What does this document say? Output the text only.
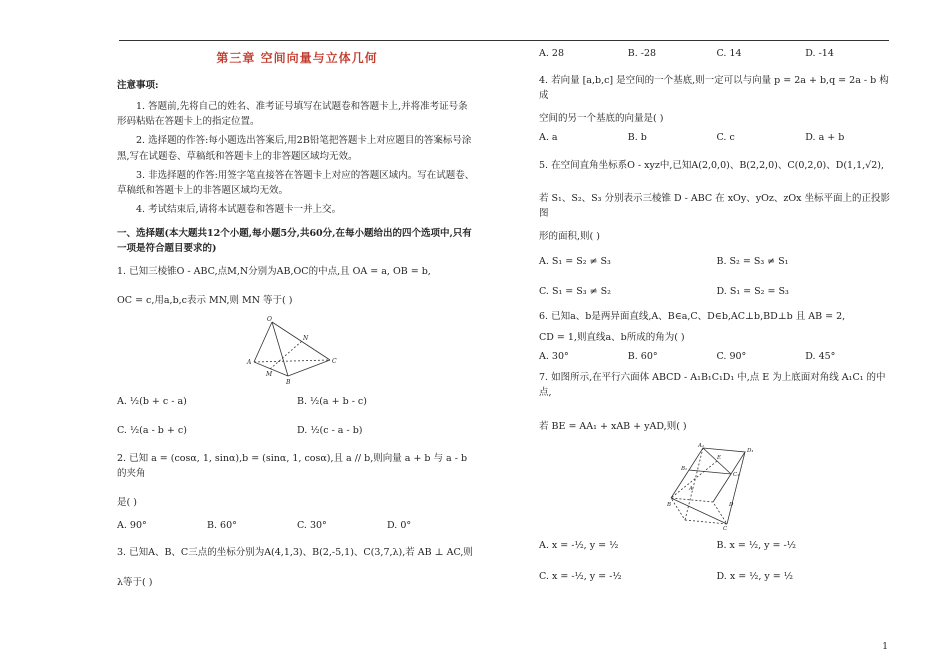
第三章 空间向量与立体几何
注意事项:
1. 答题前,先将自己的姓名、准考证号填写在试题卷和答题卡上,并将准考证号条形码粘贴在答题卡上的指定位置。
2. 选择题的作答:每小题选出答案后,用2B铅笔把答题卡上对应题目的答案标号涂黑,写在试题卷、草稿纸和答题卡上的非答题区域均无效。
3. 非选择题的作答:用签字笔直接答在答题卡上对应的答题区域内。写在试题卷、草稿纸和答题卡上的非答题区域均无效。
4. 考试结束后,请将本试题卷和答题卡一并上交。
一、选择题(本大题共12个小题,每小题5分,共60分,在每小题给出的四个选项中,只有一项是符合题目要求的)
1. 已知三棱锥O - ABC,点M,N分别为AB,OC的中点,且 OA = a, OB = b,
OC = c,用a,b,c表示 MN,则 MN 等于( )
O
N
A
M
B
C
A. ½(b + c - a)	B. ½(a + b - c)
C. ½(a - b + c)	D. ½(c - a - b)
2. 已知 a = (cosα, 1, sinα),b = (sinα, 1, cosα),且 a // b,则向量 a + b 与 a - b 的夹角
是( )
A. 90°	B. 60°	C. 30°	D. 0°
3. 已知A、B、C三点的坐标分别为A(4,1,3)、B(2,-5,1)、C(3,7,λ),若 AB ⊥ AC,则
λ等于( )
A. 28	B. -28	C. 14	D. -14
4. 若向量 [a,b,c] 是空间的一个基底,则一定可以与向量 p = 2a + b,q = 2a - b 构成
空间的另一个基底的向量是( )
A. a	B. b	C. c	D. a + b
5. 在空间直角坐标系O - xyz中,已知A(2,0,0)、B(2,2,0)、C(0,2,0)、D(1,1,√2),
若 S₁、S₂、S₃ 分别表示三棱锥 D - ABC 在 xOy、yOz、zOx 坐标平面上的正投影图
形的面积,则( )
A. S₁ = S₂ ≠ S₃	B. S₂ = S₃ ≠ S₁
C. S₁ = S₃ ≠ S₂	D. S₁ = S₂ = S₃
6. 已知a、b是两异面直线,A、B∈a,C、D∈b,AC⊥b,BD⊥b 且 AB = 2,
CD = 1,则直线a、b所成的角为( )
A. 30°	B. 60°	C. 90°	D. 45°
7. 如图所示,在平行六面体 ABCD - A₁B₁C₁D₁ 中,点 E 为上底面对角线 A₁C₁ 的中点,
若 BE = AA₁ + xAB + yAD,则( )
A₁
D₁
B₁
C₁
E
A
D
B
C
A. x = -½, y = ½	B. x = ½, y = -½
C. x = -½, y = -½	D. x = ½, y = ½
1
